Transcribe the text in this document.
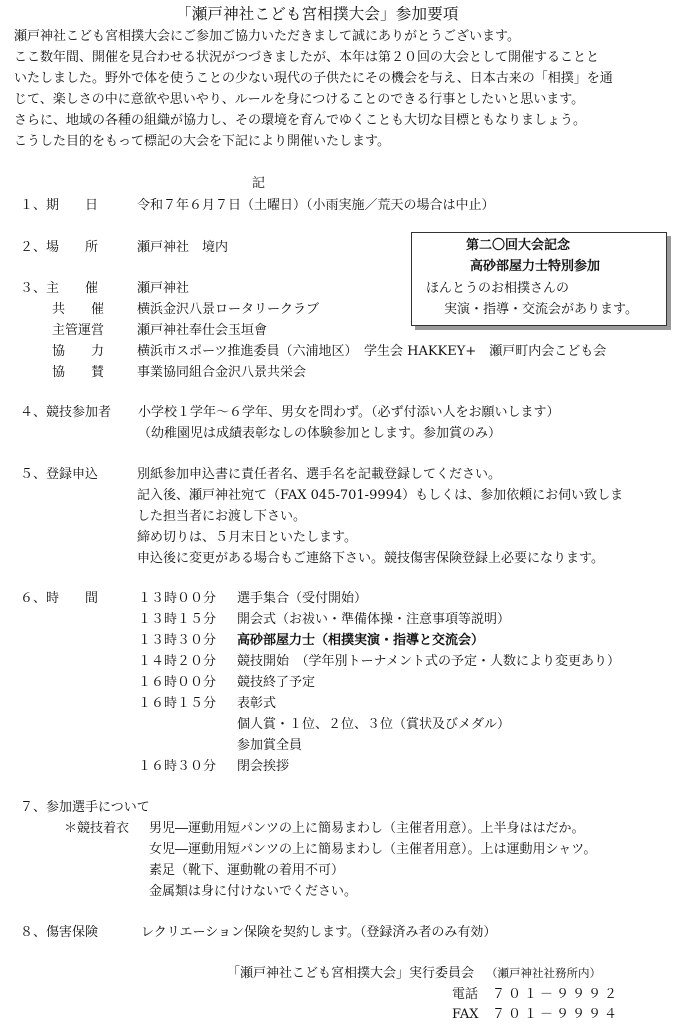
「瀬戸神社こども宮相撲大会」参加要項
瀬戸神社こども宮相撲大会にご参加ご協力いただきまして誠にありがとうございます。
ここ数年間、開催を見合わせる状況がつづきましたが、本年は第２０回の大会として開催することと
いたしました。野外で体を使うことの少ない現代の子供たにその機会を与え、日本古来の「相撲」を通
じて、楽しさの中に意欲や思いやり、ルールを身につけることのできる行事としたいと思います。
さらに、地域の各種の組織が協力し、その環境を育んでゆくことも大切な目標ともなりましょう。
こうした目的をもって標記の大会を下記により開催いたします。
記
１、期　　日	令和７年６月７日（土曜日）（小雨実施／荒天の場合は中止）
２、場　　所	瀬戸神社　境内	第二〇回大会記念
高砂部屋力士特別参加
ほんとうのお相撲さんの
実演・指導・交流会があります。
３、主　　催	瀬戸神社
共　　催	横浜金沢八景ロータリークラブ
主管運営	瀬戸神社奉仕会玉垣會
協　　力	横浜市スポーツ推進委員（六浦地区）　学生会 HAKKEY+　瀬戸町内会こども会
協　　賛	事業協同組合金沢八景共栄会
４、競技参加者 小学校１学年～６学年、男女を問わず。（必ず付添い人をお願いします）
（幼稚園児は成績表彰なしの体験参加とします。参加賞のみ）
５、登録申込	別紙参加申込書に責任者名、選手名を記載登録してください。
記入後、瀬戸神社宛て（FAX 045-701-9994）もしくは、参加依頼にお伺い致しま
した担当者にお渡し下さい。
締め切りは、５月末日といたします。
申込後に変更がある場合もご連絡下さい。競技傷害保険登録上必要になります。
６、時　　間	１３時００分 選手集合（受付開始）
１３時１５分 開会式（お祓い・準備体操・注意事項等説明）
１３時３０分 高砂部屋力士（相撲実演・指導と交流会）
１４時２０分 競技開始　（学年別トーナメント式の予定・人数により変更あり）
１６時００分 競技終了予定
１６時１５分 表彰式
個人賞・１位、２位、３位（賞状及びメダル）
参加賞全員
１６時３０分 閉会挨拶
７、参加選手について
＊競技着衣 男児―運動用短パンツの上に簡易まわし（主催者用意）。上半身ははだか。
女児―運動用短パンツの上に簡易まわし（主催者用意）。上は運動用シャツ。
素足（靴下、運動靴の着用不可）
金属類は身に付けないでください。
８、傷害保険	レクリエーション保険を契約します。（登録済み者のみ有効）
「瀬戸神社こども宮相撲大会」実行委員会 （瀬戸神社社務所内）
電話 ７０１－９９９２
FAX ７０１－９９９４
